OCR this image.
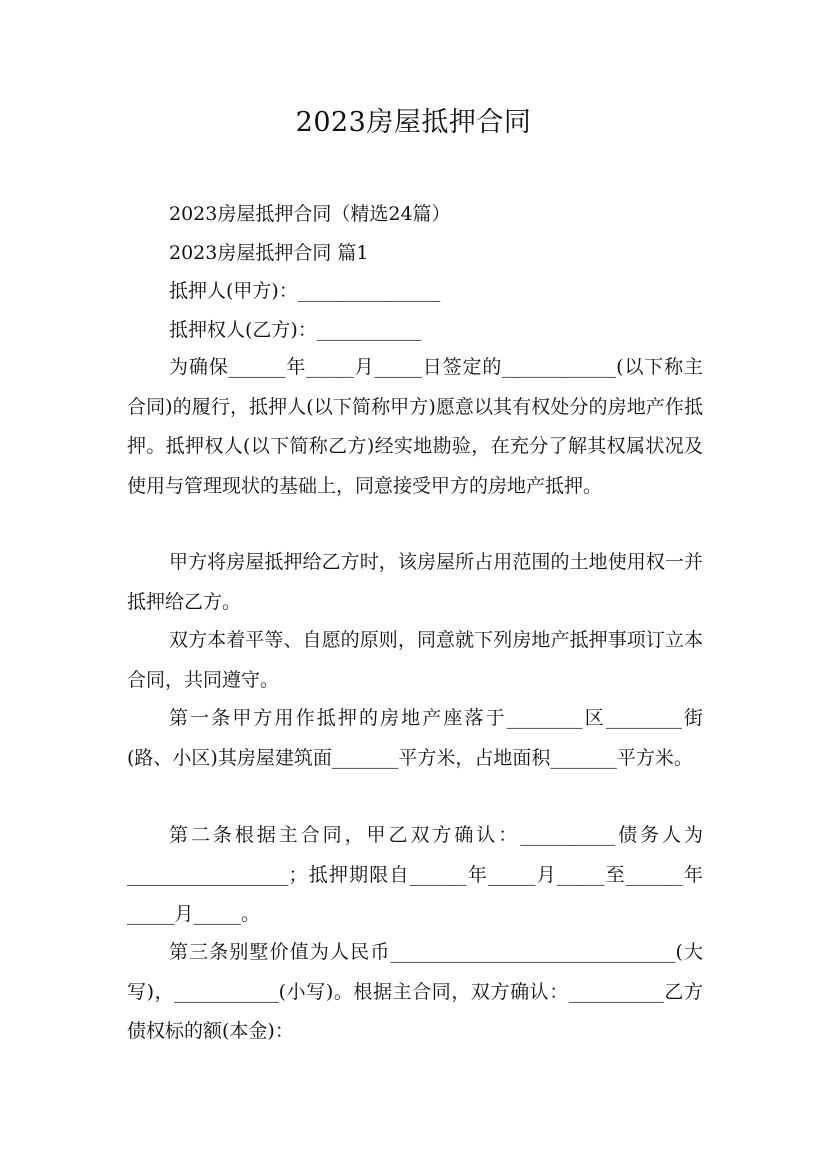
2023房屋抵押合同
2023房屋抵押合同（精选24篇）
2023房屋抵押合同 篇1
抵押人(甲方)：_______________
抵押权人(乙方)：___________
为确保______年_____月_____日签定的____________(以下称主合同)的履行，抵押人(以下简称甲方)愿意以其有权处分的房地产作抵押。抵押权人(以下简称乙方)经实地勘验，在充分了解其权属状况及使用与管理现状的基础上，同意接受甲方的房地产抵押。
甲方将房屋抵押给乙方时，该房屋所占用范围的土地使用权一并抵押给乙方。
双方本着平等、自愿的原则，同意就下列房地产抵押事项订立本合同，共同遵守。
第一条甲方用作抵押的房地产座落于________区________街(路、小区)其房屋建筑面_______平方米，占地面积_______平方米。
第二条根据主合同，甲乙双方确认：__________债务人为_________________；抵押期限自______年_____月_____至______年_____月_____。
第三条别墅价值为人民币______________________________(大写)，___________(小写)。根据主合同，双方确认：__________乙方债权标的额(本金)：
